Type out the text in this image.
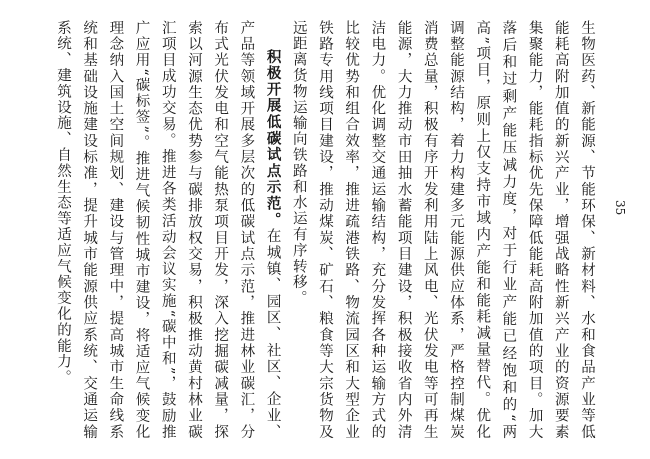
生物医药、新能源、节能环保、新材料、水和食品产业等低能耗高附加值的新兴产业，增强战略性新兴产业的资源要素集聚能力，能耗指标优先保障低能耗高附加值的项目。加大落后和过剩产能压减力度，对于行业产能已经饱和的“两高”项目，原则上仅支持市域内产能和能耗减量替代。优化调整能源结构，着力构建多元能源供应体系，严格控制煤炭消费总量，积极有序开发利用陆上风电、光伏发电等可再生能源，大力推动市田抽水蓄能项目建设，积极接收省内外清洁电力。优化调整交通运输结构，充分发挥各种运输方式的比较优势和组合效率，推进疏港铁路、物流园区和大型企业铁路专用线项目建设，推动煤炭、矿石、粮食等大宗货物及远距离货物运输向铁路和水运有序转移。

积极开展低碳试点示范。在城镇、园区、社区、企业、产品等领域开展多层次的低碳试点示范，推进林业碳汇，分布式光伏发电和空气能热泵项目开发，深入挖掘碳减量，探索以河源生态优势参与碳排放权交易，积极推动黄村林业碳汇项目成功交易。推进各类活动会议实施“碳中和”，鼓励推广应用“碳标签”。推进气候韧性城市建设，将适应气候变化理念纳入国土空间规划、建设与管理中，提高城市生命线系统和基础设施建设标准，提升城市能源供应系统、交通运输系统、建筑设施、自然生态等适应气候变化的能力。	35
